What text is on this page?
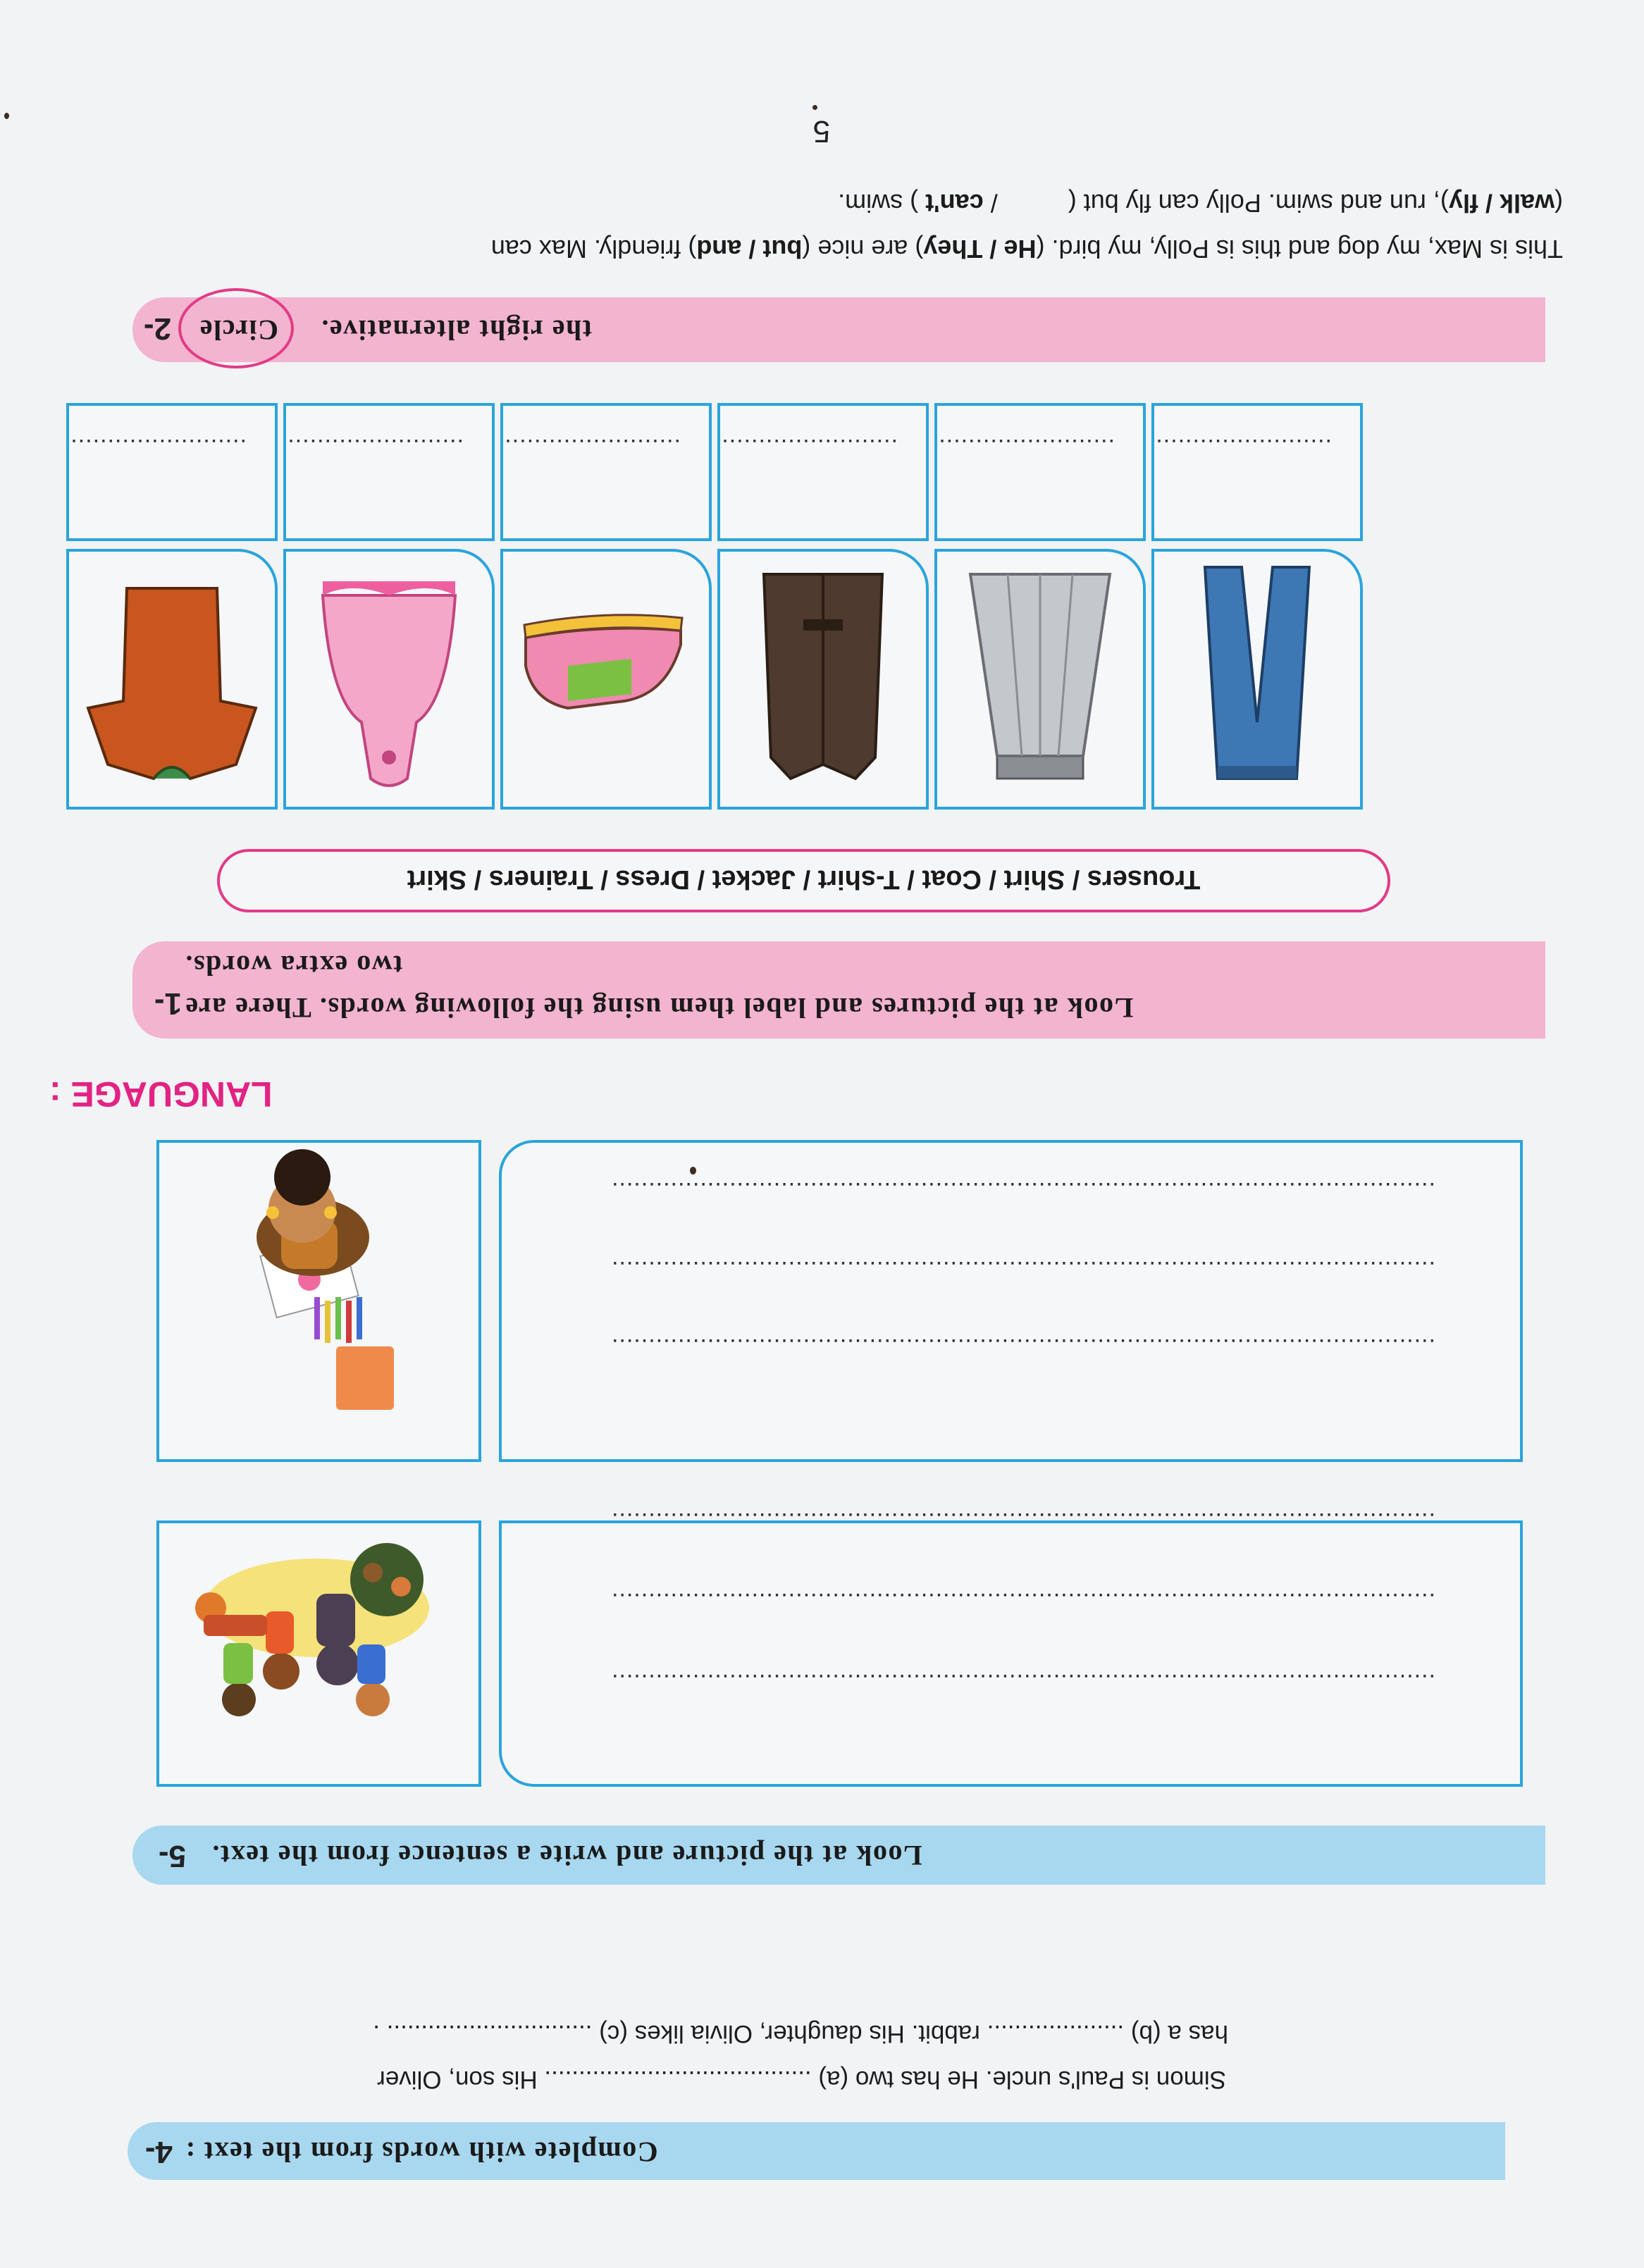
4- Complete with words from the text :
Simon is Paul's uncle. He has two (a) ....................................... His son, Oliver
has a (b) .................... rabbit. His daughter, Olivia likes (c) .............................. .
5- Look at the picture and write a sentence from the text.
................................................................................................................
................................................................................................................
................................................................................................................
................................................................................................................
................................................................................................................
................................................................................................................
LANGUAGE :
1- Look at the pictures and label them using the following words. There are
two extra words.
Trousers / Shirt / Coat / T-shirt / Jacket / Dress / Trainers / Skirt
........................ ........................ ........................ ........................ ........................ ........................
2- Circle the right alternative.
This is Max, my dog and this is Polly, my bird. (He / They) are nice (but / and) friendly. Max can
(walk / fly), run and swim. Polly can fly but (          / can't ) swim.
5
